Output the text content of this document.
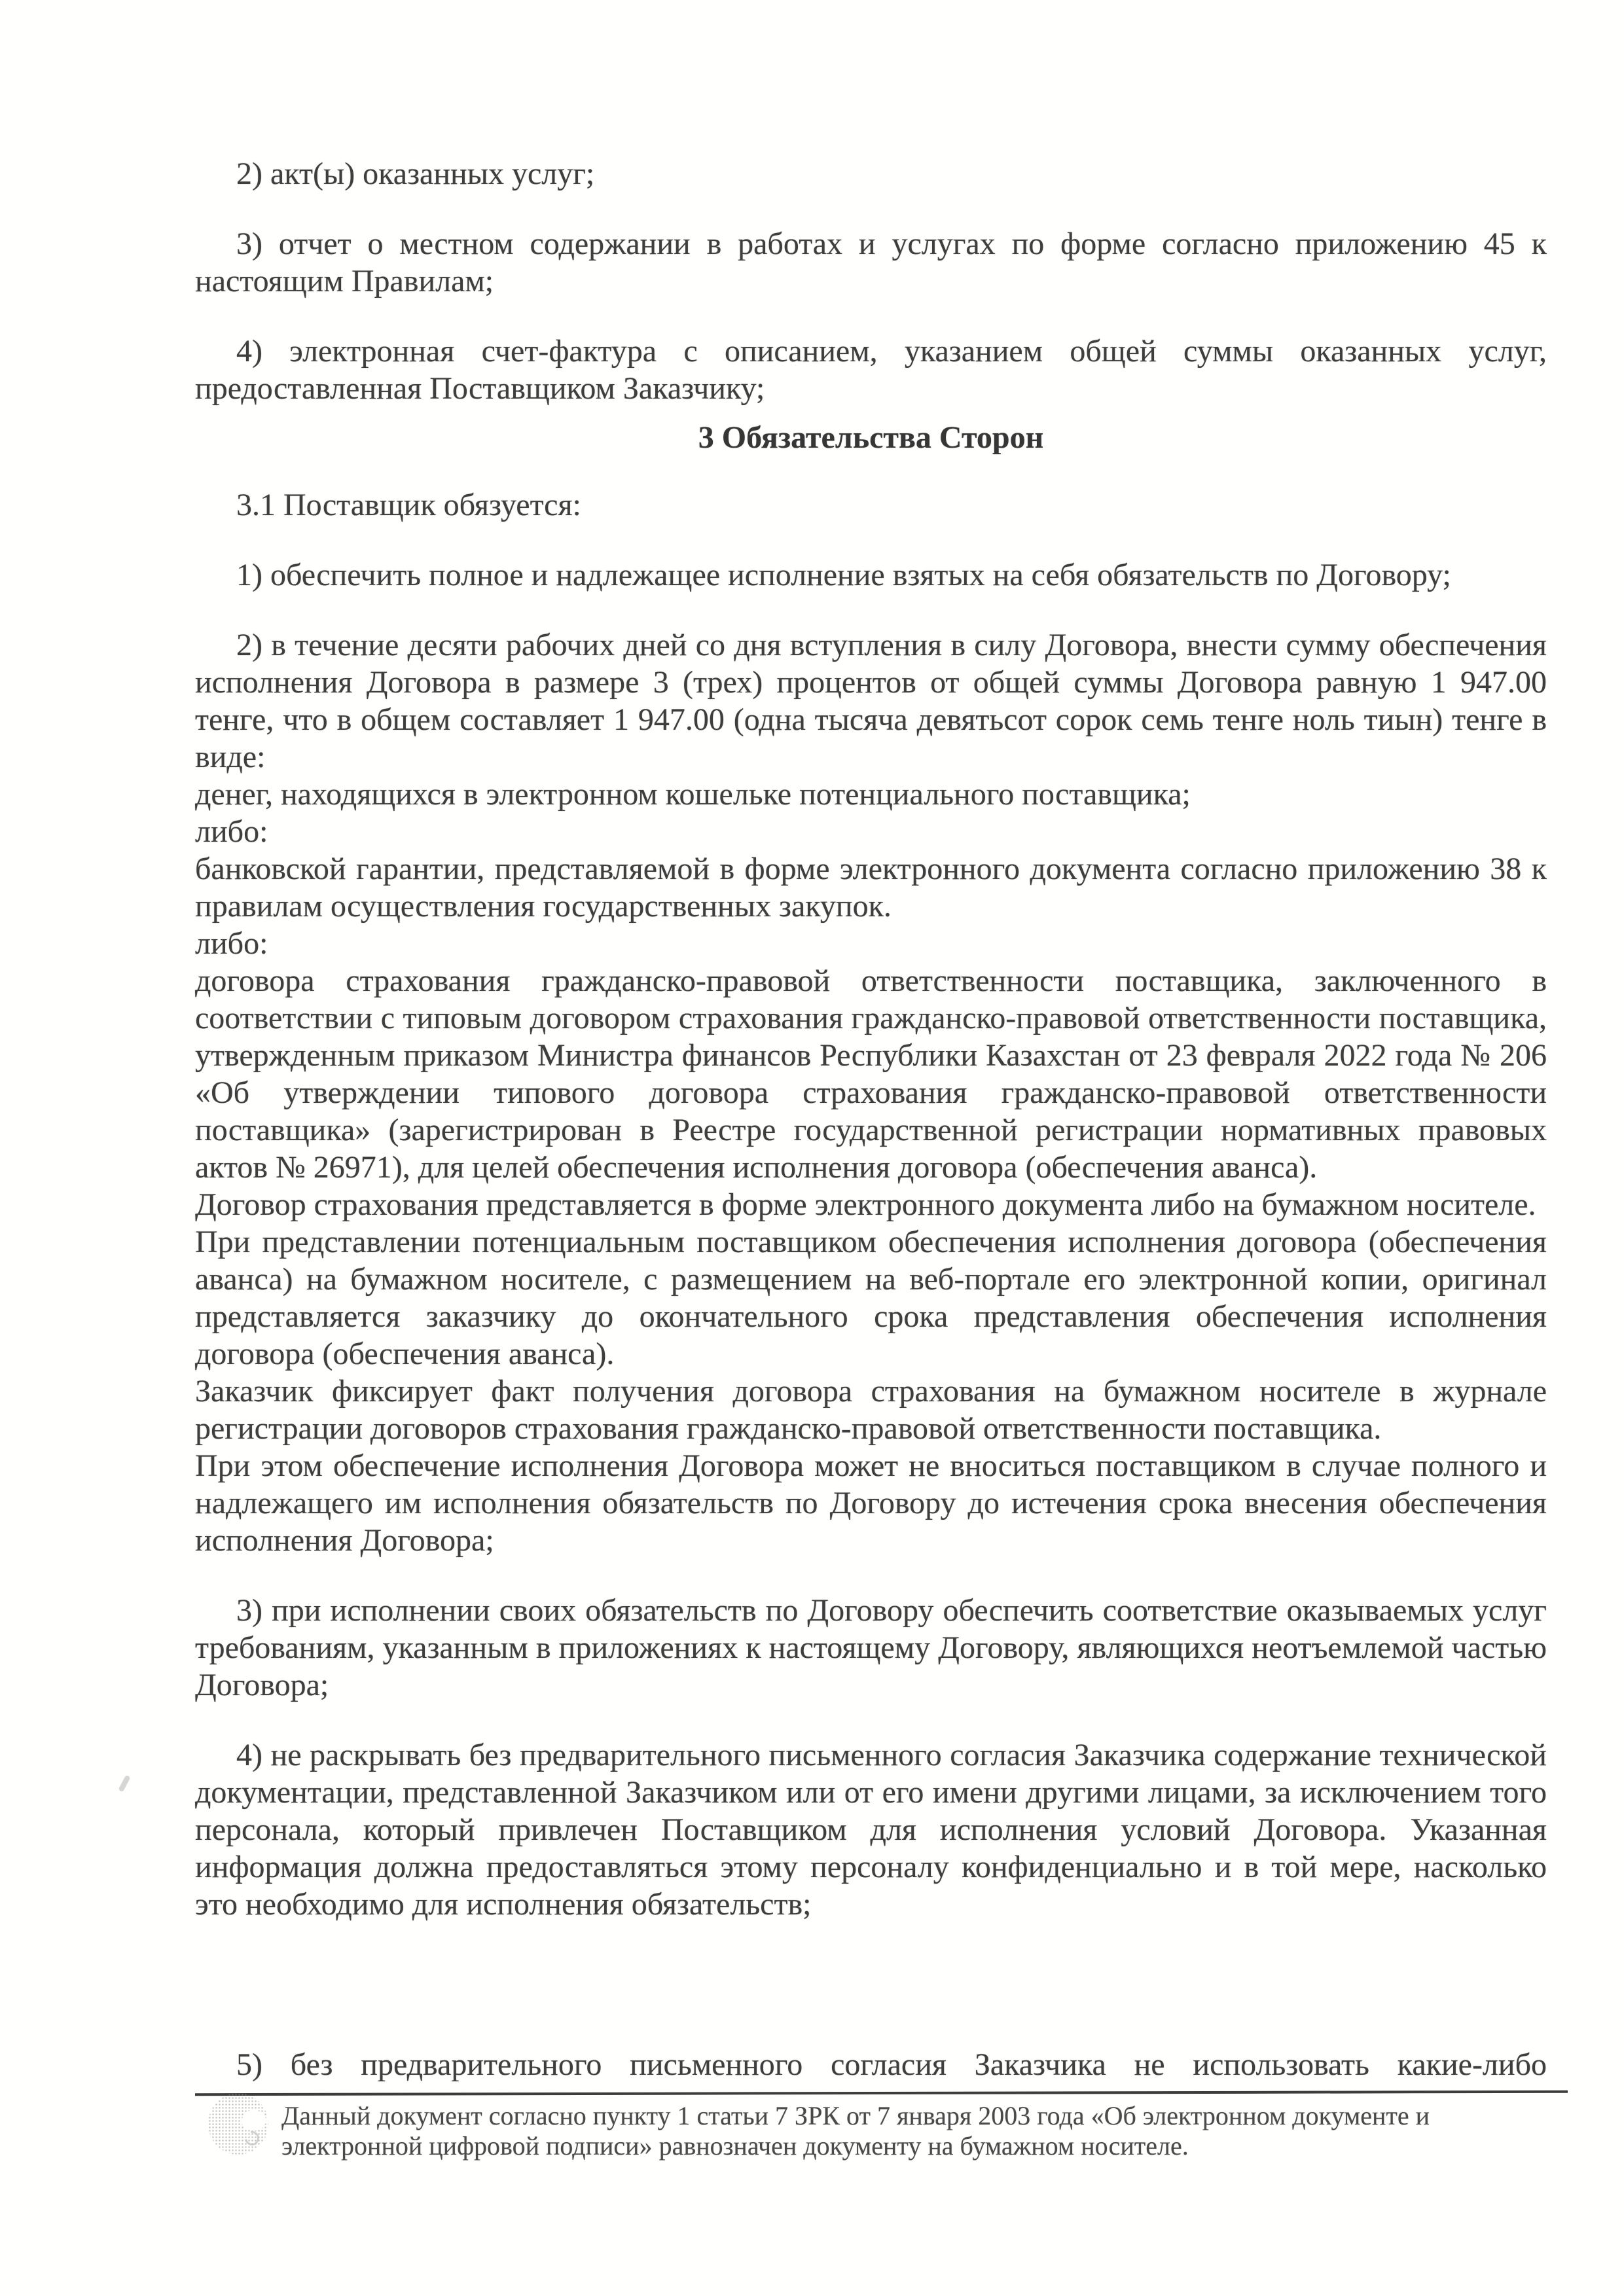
2) акт(ы) оказанных услуг;

3) отчет о местном содержании в работах и услугах по форме согласно приложению 45 к настоящим Правилам;

4) электронная счет-фактура с описанием, указанием общей суммы оказанных услуг, предоставленная Поставщиком Заказчику;

3 Обязательства Сторон

3.1 Поставщик обязуется:

1) обеспечить полное и надлежащее исполнение взятых на себя обязательств по Договору;

2) в течение десяти рабочих дней со дня вступления в силу Договора, внести сумму обеспечения исполнения Договора в размере 3 (трех) процентов от общей суммы Договора равную 1 947.00 тенге, что в общем составляет 1 947.00 (одна тысяча девятьсот сорок семь тенге ноль тиын) тенге в виде:

денег, находящихся в электронном кошельке потенциального поставщика;

либо:

банковской гарантии, представляемой в форме электронного документа согласно приложению 38 к правилам осуществления государственных закупок.

либо:

договора страхования гражданско-правовой ответственности поставщика, заключенного в соответствии с типовым договором страхования гражданско-правовой ответственности поставщика, утвержденным приказом Министра финансов Республики Казахстан от 23 февраля 2022 года № 206 «Об утверждении типового договора страхования гражданско-правовой ответственности поставщика» (зарегистрирован в Реестре государственной регистрации нормативных правовых актов № 26971), для целей обеспечения исполнения договора (обеспечения аванса).

Договор страхования представляется в форме электронного документа либо на бумажном носителе.

При представлении потенциальным поставщиком обеспечения исполнения договора (обеспечения аванса) на бумажном носителе, с размещением на веб-портале его электронной копии, оригинал представляется заказчику до окончательного срока представления обеспечения исполнения договора (обеспечения аванса).

Заказчик фиксирует факт получения договора страхования на бумажном носителе в журнале регистрации договоров страхования гражданско-правовой ответственности поставщика.

При этом обеспечение исполнения Договора может не вноситься поставщиком в случае полного и надлежащего им исполнения обязательств по Договору до истечения срока внесения обеспечения исполнения Договора;

3) при исполнении своих обязательств по Договору обеспечить соответствие оказываемых услуг требованиям, указанным в приложениях к настоящему Договору, являющихся неотъемлемой частью Договора;

4) не раскрывать без предварительного письменного согласия Заказчика содержание технической документации, представленной Заказчиком или от его имени другими лицами, за исключением того персонала, который привлечен Поставщиком для исполнения условий Договора. Указанная информация должна предоставляться этому персоналу конфиденциально и в той мере, насколько это необходимо для исполнения обязательств;

5) без предварительного письменного согласия Заказчика не использовать какие-либо
Данный документ согласно пункту 1 статьи 7 ЗРК от 7 января 2003 года «Об электронном документе и
электронной цифровой подписи» равнозначен документу на бумажном носителе.
